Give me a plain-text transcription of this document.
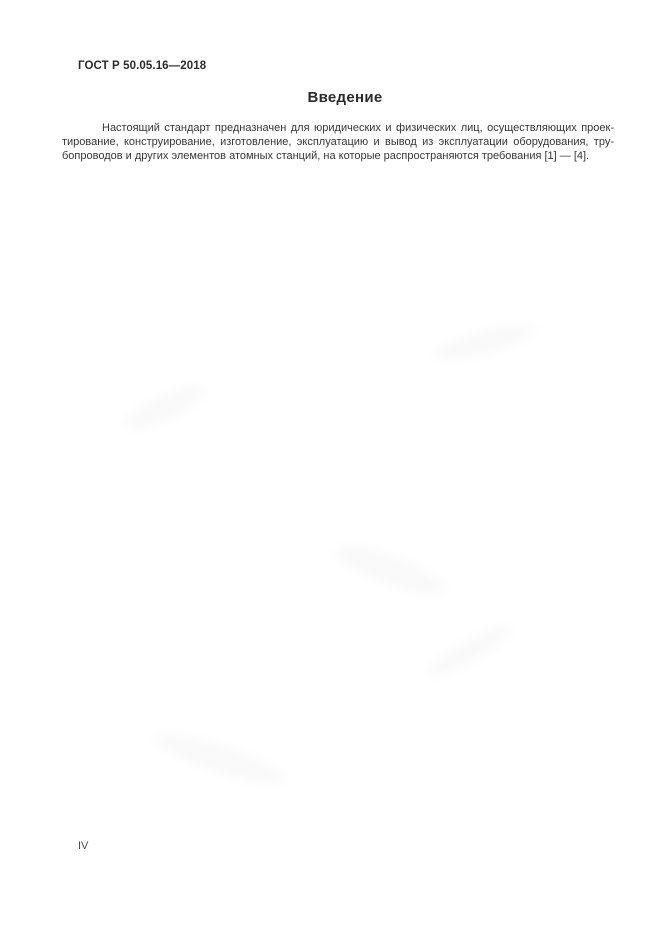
ГОСТ Р 50.05.16—2018
Введение
Настоящий стандарт предназначен для юридических и физических лиц, осуществляющих проек-
тирование, конструирование, изготовление, эксплуатацию и вывод из эксплуатации оборудования, тру-
бопроводов и других элементов атомных станций, на которые распространяются требования [1] — [4].
IV
